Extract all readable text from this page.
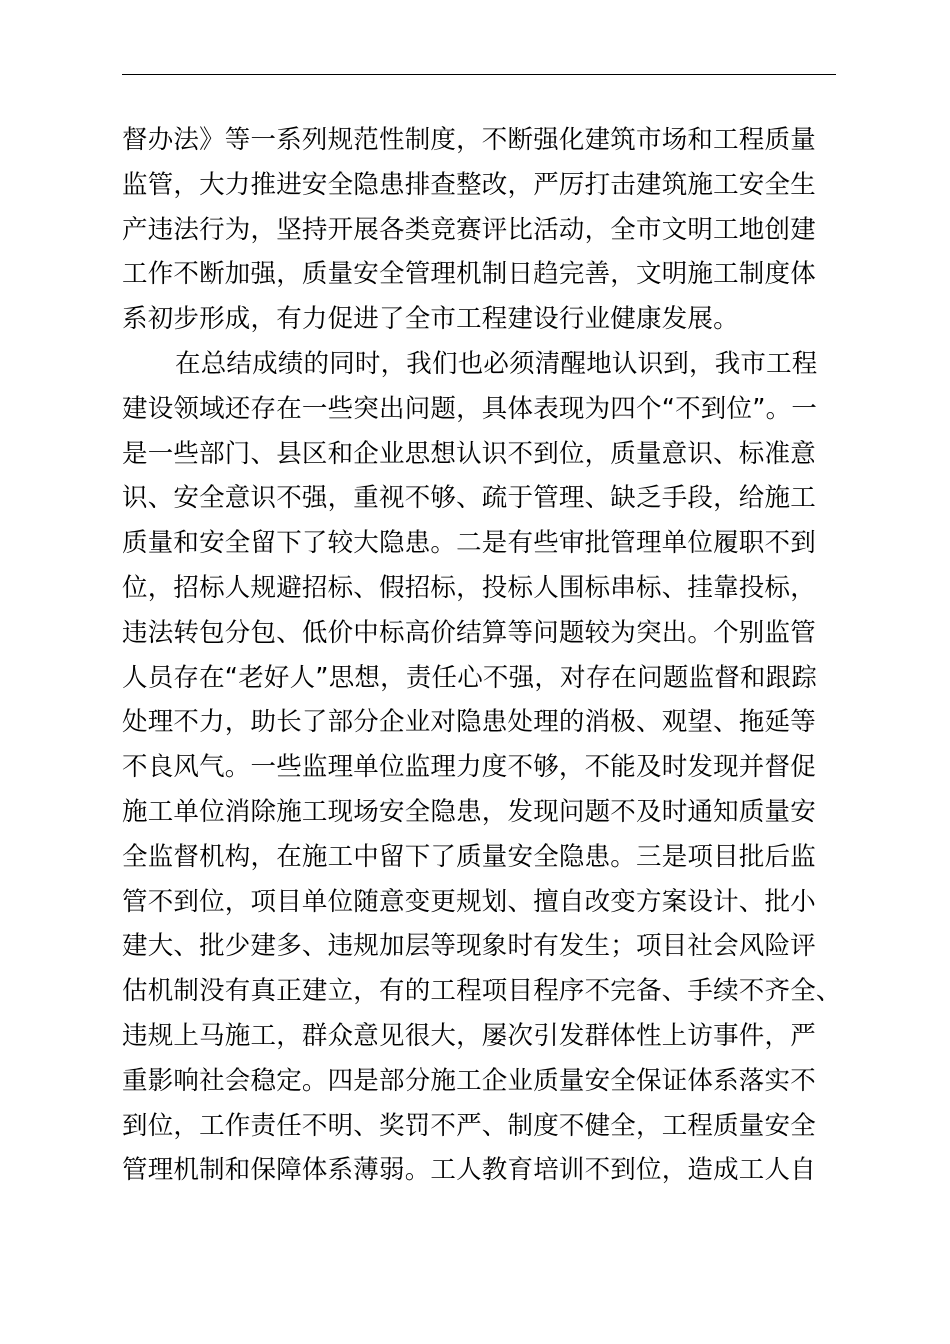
督办法》等一系列规范性制度，不断强化建筑市场和工程质量
监管，大力推进安全隐患排查整改，严厉打击建筑施工安全生
产违法行为，坚持开展各类竞赛评比活动，全市文明工地创建
工作不断加强，质量安全管理机制日趋完善，文明施工制度体
系初步形成，有力促进了全市工程建设行业健康发展。
在总结成绩的同时，我们也必须清醒地认识到，我市工程
建设领域还存在一些突出问题，具体表现为四个“不到位”。一
是一些部门、县区和企业思想认识不到位，质量意识、标准意
识、安全意识不强，重视不够、疏于管理、缺乏手段，给施工
质量和安全留下了较大隐患。二是有些审批管理单位履职不到
位，招标人规避招标、假招标，投标人围标串标、挂靠投标，
违法转包分包、低价中标高价结算等问题较为突出。个别监管
人员存在“老好人”思想，责任心不强，对存在问题监督和跟踪
处理不力，助长了部分企业对隐患处理的消极、观望、拖延等
不良风气。一些监理单位监理力度不够，不能及时发现并督促
施工单位消除施工现场安全隐患，发现问题不及时通知质量安
全监督机构，在施工中留下了质量安全隐患。三是项目批后监
管不到位，项目单位随意变更规划、擅自改变方案设计、批小
建大、批少建多、违规加层等现象时有发生；项目社会风险评
估机制没有真正建立，有的工程项目程序不完备、手续不齐全、
违规上马施工，群众意见很大，屡次引发群体性上访事件，严
重影响社会稳定。四是部分施工企业质量安全保证体系落实不
到位，工作责任不明、奖罚不严、制度不健全，工程质量安全
管理机制和保障体系薄弱。工人教育培训不到位，造成工人自
